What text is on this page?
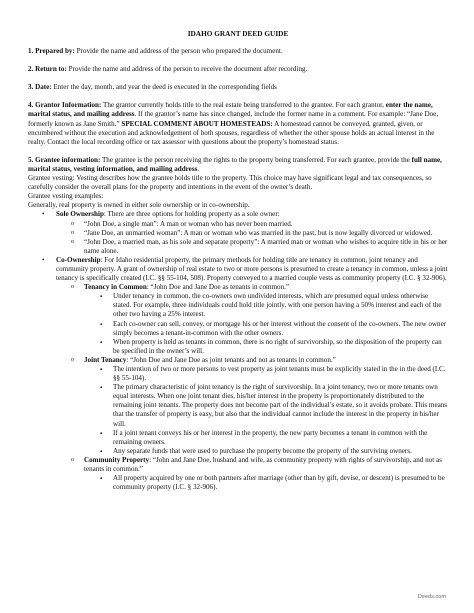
IDAHO GRANT DEED GUIDE

1. Prepared by: Provide the name and address of the person who prepared the document.

2. Return to: Provide the name and address of the person to receive the document after recording.

3. Date: Enter the day, month, and year the deed is executed in the corresponding fields

4. Grantor Information: The grantor currently holds title to the real estate being transferred to the grantee. For each grantor, enter the name, marital status, and mailing address. If the grantor’s name has since changed, include the former name in a comment. For example: “Jane Doe, formerly known as Jane Smith.” SPECIAL COMMENT ABOUT HOMESTEADS: A homestead cannot be conveyed, granted, given, or encumbered without the execution and acknowledgement of both spouses, regardless of whether the other spouse holds an actual interest in the realty. Contact the local recording office or tax assessor with questions about the property’s homestead status.

5. Grantee information: The grantee is the person receiving the rights to the property being transferred. For each grantee, provide the full name, marital status, vesting information, and mailing address.

Grantee vesting: Vesting describes how the grantee holds title to the property. This choice may have significant legal and tax consequences, so carefully consider the overall plans for the property and intentions in the event of the owner’s death.
Grantee vesting examples:
Generally, real property is owned in either sole ownership or in co-ownership.
• Sole Ownership: There are three options for holding property as a sole owner:
o “John Doe, a single man”: A man or woman who has never been married.
o “Jane Doe, an unmarried woman”: A man or woman who was married in the past, but is now legally divorced or widowed.
o “John Doe, a married man, as his sole and separate property”: A married man or woman who wishes to acquire title in his or her name alone.
• Co-Ownership: For Idaho residential property, the primary methods for holding title are tenancy in common, joint tenancy and community property. A grant of ownership of real estate to two or more persons is presumed to create a tenancy in common, unless a joint tenancy is specifically created (I.C. §§ 55-104, 508). Property conveyed to a married couple vests as community property (I.C. § 32-906).
o Tenancy in Common: “John Doe and Jane Doe as tenants in common.”
▪ Under tenancy in common, the co-owners own undivided interests, which are presumed equal unless otherwise stated. For example, three individuals could hold title jointly, with one person having a 50% interest and each of the other two having a 25% interest.
▪ Each co-owner can sell, convey, or mortgage his or her interest without the consent of the co-owners. The new owner simply becomes a tenant-in-common with the other owners.
▪ When property is held as tenants in common, there is no right of survivorship, so the disposition of the property can be specified in the owner’s will.
o Joint Tenancy: “John Doe and Jane Doe as joint tenants and not as tenants in common.”
▪ The intention of two or more persons to vest property as joint tenants must be explicitly stated in the in the deed (I.C. §§ 55-104).
▪ The primary characteristic of joint tenancy is the right of survivorship. In a joint tenancy, two or more tenants own equal interests. When one joint tenant dies, his/her interest in the property is proportionately distributed to the remaining joint tenants. The property does not become part of the individual’s estate, so it avoids probate. This means that the transfer of property is easy, but also that the individual cannot include the interest in the property in his/her will.
▪ If a joint tenant conveys his or her interest in the property, the new party becomes a tenant in common with the remaining owners.
▪ Any separate funds that were used to purchase the property become the property of the surviving owners.
o Community Property: “John and Jane Doe, husband and wife, as community property with rights of survivorship, and not as tenants in common.”
▪ All property acquired by one or both partners after marriage (other than by gift, devise, or descent) is presumed to be community property (I.C. § 32-906).
Deeds.com
